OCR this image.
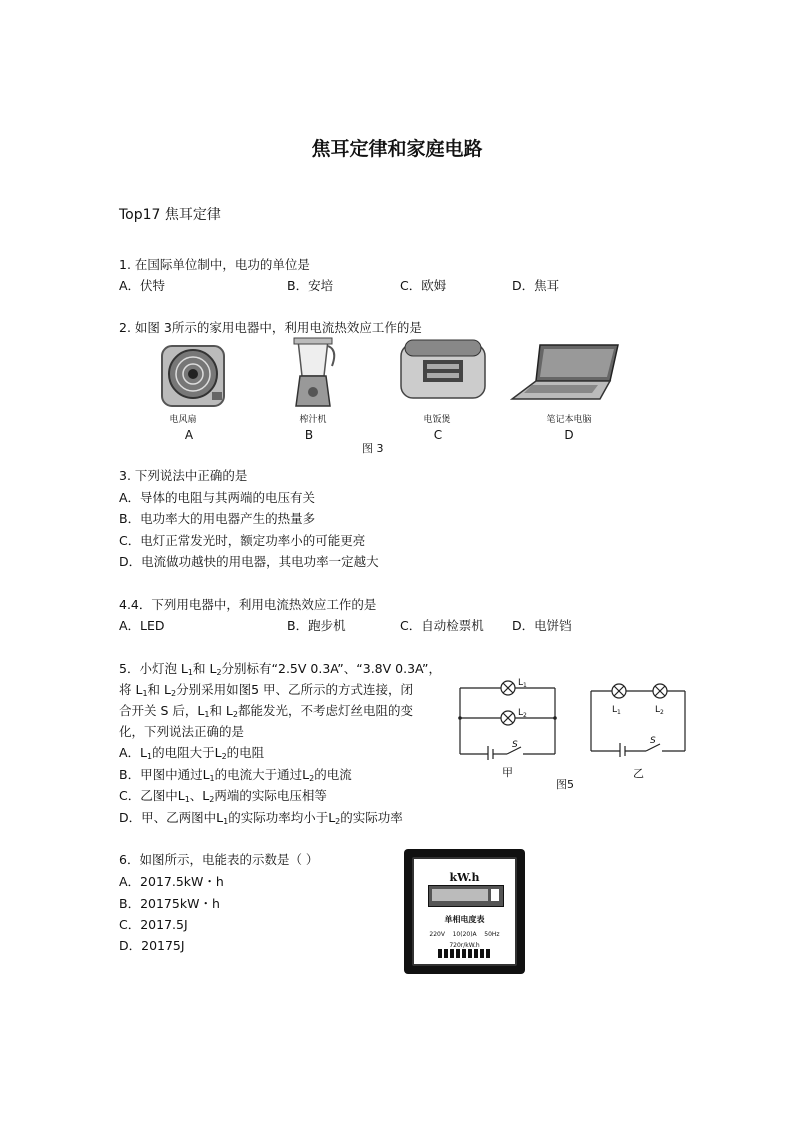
焦耳定律和家庭电路
Top17 焦耳定律
1. 在国际单位制中，电功的单位是
A．伏特	B．安培	C．欧姆	D．焦耳
2. 如图 3所示的家用电器中，利用电流热效应工作的是
电风扇	榨汁机	电饭煲	笔记本电脑
A	B	C	D
图 3
3. 下列说法中正确的是
A．导体的电阻与其两端的电压有关
B．电功率大的用电器产生的热量多
C．电灯正常发光时，额定功率小的可能更亮
D．电流做功越快的用电器，其电功率一定越大
4.4．下列用电器中，利用电流热效应工作的是
A．LED	B．跑步机	C．自动检票机 D．电饼铛
5．小灯泡 $L_1$和 $L_2$分别标有“2.5V 0.3A”、“3.8V 0.3A”，
将 $L_1$和 $L_2$分别采用如图5 甲、乙所示的方式连接，闭
合开关 S 后，$L_1$和 $L_2$都能发光，不考虑灯丝电阻的变
化，下列说法正确的是
A．$L_1$的电阻大于$L_2$的电阻
B．甲图中通过$L_1$的电流大于通过$L_2$的电流
C．乙图中$L_1$、$L_2$两端的实际电压相等
D．甲、乙两图中$L_1$的实际功率均小于$L_2$的实际功率
$L_1$
$L_2$
S
甲
$L_1$	$L_2$
S
乙
图5
6．如图所示，电能表的示数是（ ）
A．2017.5kW・h
B．20175kW・h
C．2017.5J
D．20175J
kW.h
单相电度表
220V    10(20)A    50Hz
720r/kW.h
